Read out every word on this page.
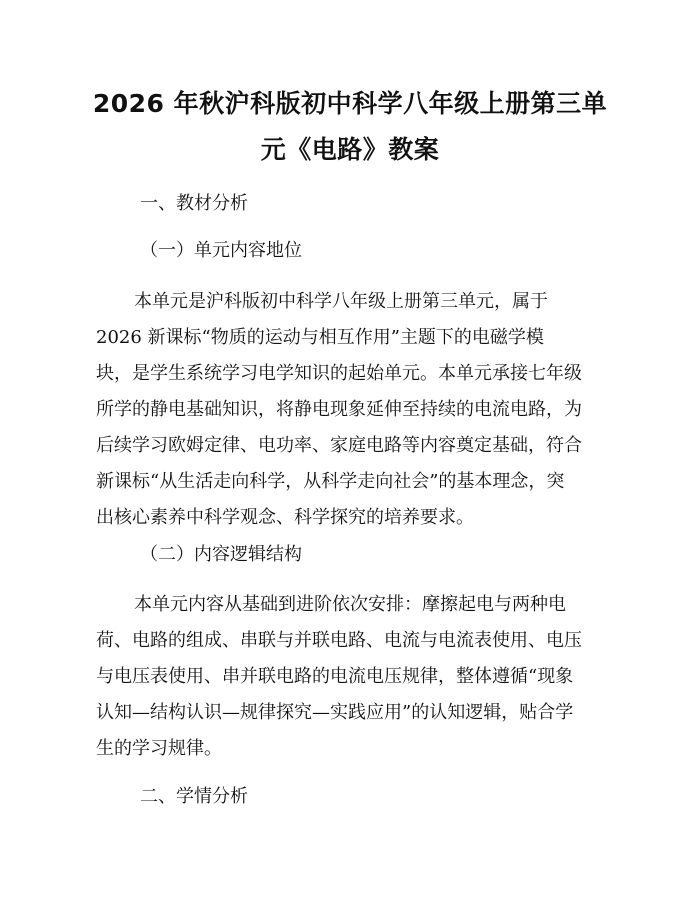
2026 年秋沪科版初中科学八年级上册第三单
元《电路》教案
一、教材分析
（一）单元内容地位
本单元是沪科版初中科学八年级上册第三单元，属于
2026 新课标“物质的运动与相互作用”主题下的电磁学模
块，是学生系统学习电学知识的起始单元。本单元承接七年级
所学的静电基础知识，将静电现象延伸至持续的电流电路，为
后续学习欧姆定律、电功率、家庭电路等内容奠定基础，符合
新课标“从生活走向科学，从科学走向社会”的基本理念，突
出核心素养中科学观念、科学探究的培养要求。
（二）内容逻辑结构
本单元内容从基础到进阶依次安排：摩擦起电与两种电
荷、电路的组成、串联与并联电路、电流与电流表使用、电压
与电压表使用、串并联电路的电流电压规律，整体遵循“现象
认知—结构认识—规律探究—实践应用”的认知逻辑，贴合学
生的学习规律。
二、学情分析
